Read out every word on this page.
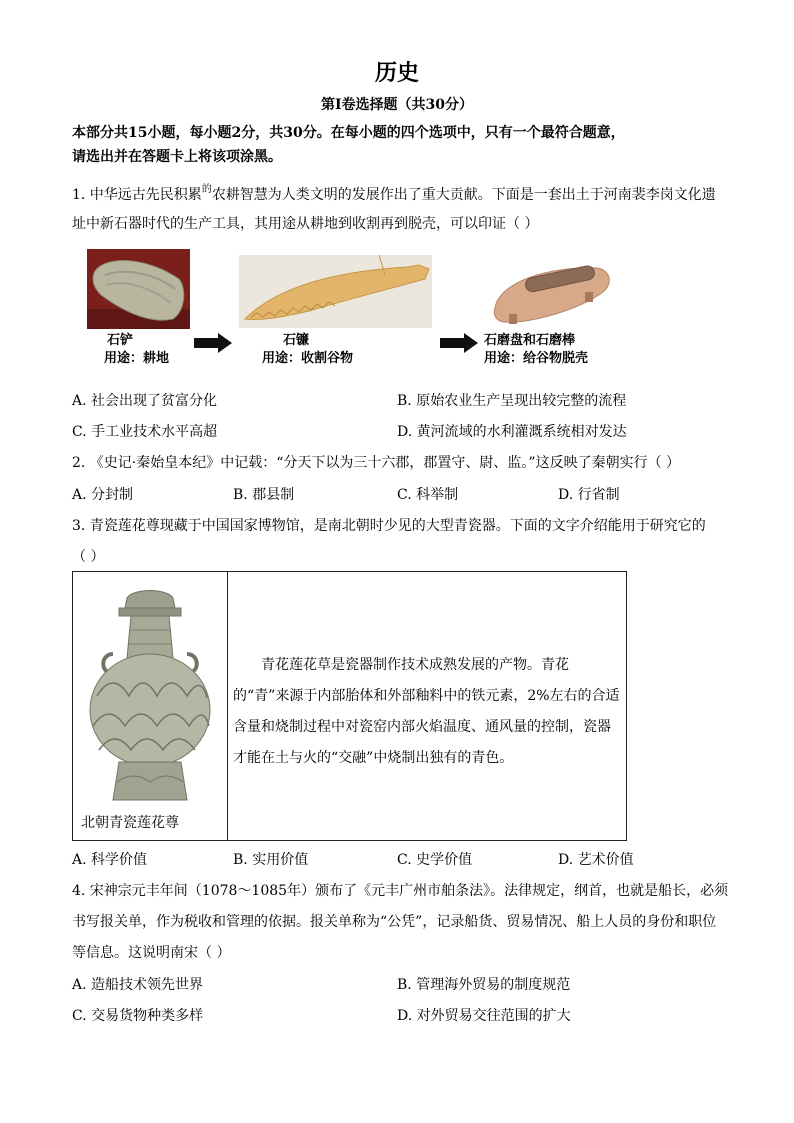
历史
第Ⅰ卷选择题（共30分）
本部分共15小题，每小题2分，共30分。在每小题的四个选项中，只有一个最符合题意，
请选出并在答题卡上将该项涂黑。
1. 中华远古先民积累$^的$农耕智慧为人类文明的发展作出了重大贡献。下面是一套出土于河南裴李岗文化遗
址中新石器时代的生产工具，其用途从耕地到收割再到脱壳，可以印证（ ）
石铲
用途：耕地
石镰
用途：收割谷物
石磨盘和石磨棒
用途：给谷物脱壳
A. 社会出现了贫富分化	B. 原始农业生产呈现出较完整的流程
C. 手工业技术水平高超	D. 黄河流域的水利灌溉系统相对发达
2. 《史记·秦始皇本纪》中记载：“分天下以为三十六郡，郡置守、尉、监。”这反映了秦朝实行（ ）
A. 分封制	B. 郡县制	C. 科举制	D. 行省制
3. 青瓷莲花尊现藏于中国国家博物馆，是南北朝时少见的大型青瓷器。下面的文字介绍能用于研究它的
（ ）
北朝青瓷莲花尊
青花莲花草是瓷器制作技术成熟发展的产物。青花的“青”来源于内部胎体和外部釉料中的铁元素，2%左右的合适含量和烧制过程中对瓷窑内部火焰温度、通风量的控制，瓷器才能在土与火的“交融”中烧制出独有的青色。
A. 科学价值	B. 实用价值	C. 史学价值	D. 艺术价值
4. 宋神宗元丰年间（1078～1085年）颁布了《元丰广州市舶条法》。法律规定，纲首，也就是船长，必须
书写报关单，作为税收和管理的依据。报关单称为“公凭”，记录船货、贸易情况、船上人员的身份和职位
等信息。这说明南宋（ ）
A. 造船技术领先世界	B. 管理海外贸易的制度规范
C. 交易货物种类多样	D. 对外贸易交往范围的扩大
